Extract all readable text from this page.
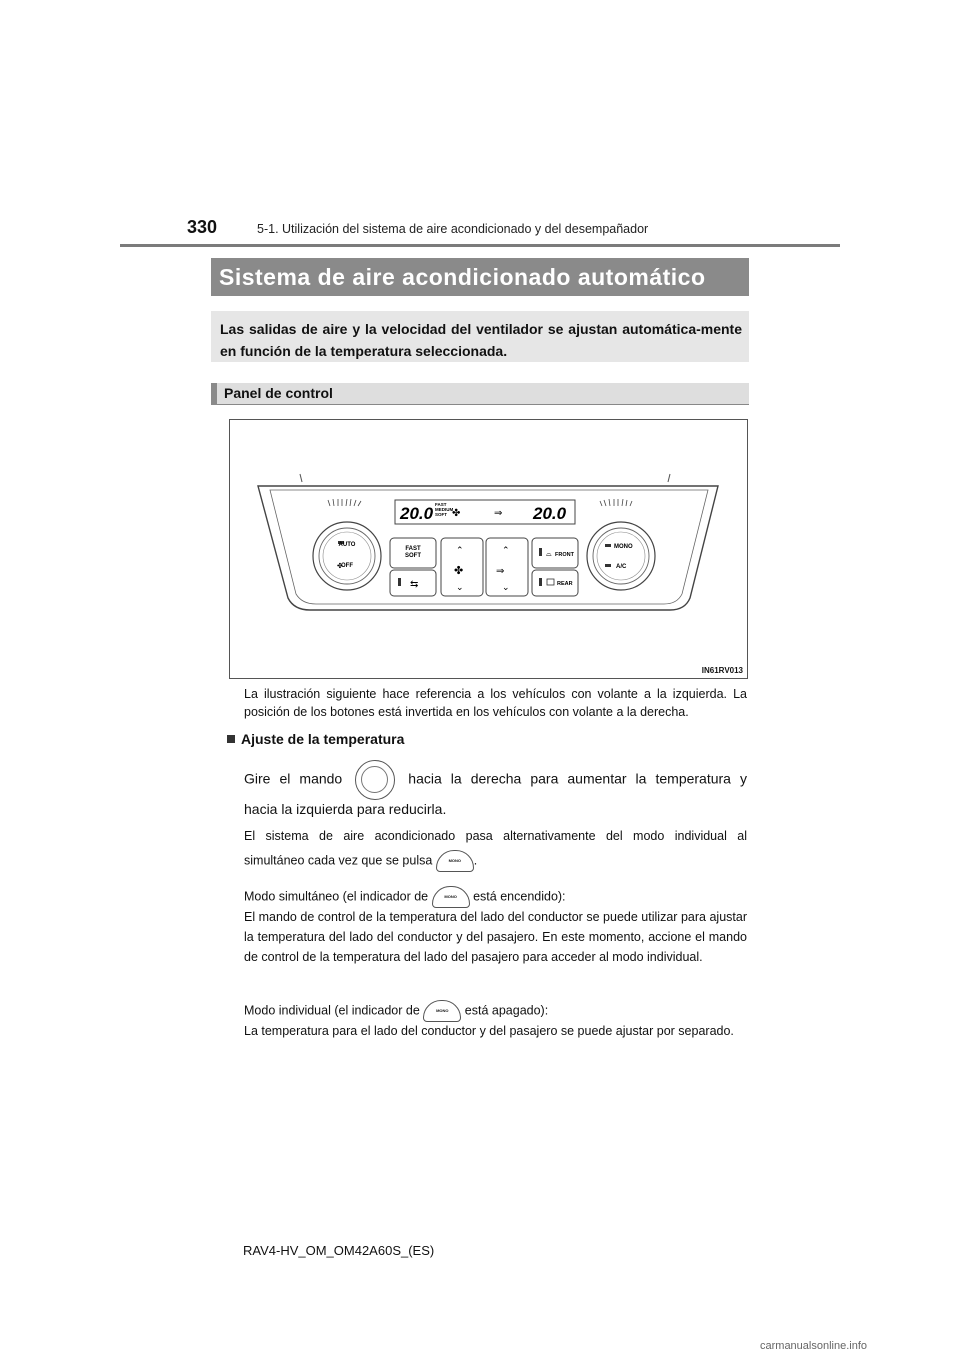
330	5-1. Utilización del sistema de aire acondicionado y del desempañador
Sistema de aire acondicionado automático
Las salidas de aire y la velocidad del ventilador se ajustan automática-mente en función de la temperatura seleccionada.
Panel de control
20.0 FAST
MEDIUM
SOFT ✤	⇒ 20.0
AUTO
✤
OFF
MONO
A/C
FAST
SOFT
⇆
⌃
✤
⌄
⌃
⇒
⌄
⌓ FRONT
REAR
IN61RV013
La ilustración siguiente hace referencia a los vehículos con volante a la izquierda. La posición de los botones está invertida en los vehículos con volante a la derecha.
Ajuste de la temperatura
Gire el mando	hacia la derecha para aumentar la temperatura y
hacia la izquierda para reducirla.
El sistema de aire acondicionado pasa alternativamente del modo individual al
simultáneo cada vez que se pulsa	MONO .
Modo simultáneo (el indicador de	MONO está encendido):
El mando de control de la temperatura del lado del conductor se puede utilizar para ajustar la temperatura del lado del conductor y del pasajero. En este momento, accione el mando de control de la temperatura del lado del pasajero para acceder al modo individual.
Modo individual (el indicador de	MONO está apagado):
La temperatura para el lado del conductor y del pasajero se puede ajustar por separado.
RAV4-HV_OM_OM42A60S_(ES)
carmanualsonline.info
